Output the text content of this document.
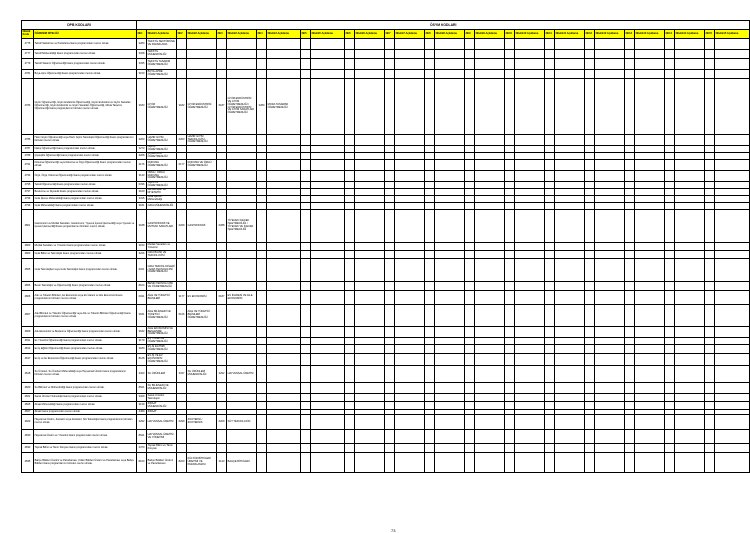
DPB KODLARI		ÖSYM KODLARI																													
Nitelik Kodu	ÖĞRENİM NİTELİĞİ	Nit1	Nitelik1 Açıklama	Nit2	Nitelik2 Açıklama	Nit3	Nitelik3 Açıklama	Nit4	Nitelik4 Açıklama	Nit5	Nitelik5 Açıklama	Nit6	Nitelik6 Açıklama	Nit7	Nitelik7 Açıklama	Nit8	Nitelik8 Açıklama	Nit9	Nitelik9 Açıklama	Nit10	Nitelik10 Açıklama	Nit11	Nitelik11 Açıklama	Nit12	Nitelik12 Açıklama	Nit13	Nitelik13 Açıklama	Nit14	Nitelik14 Açıklama	Nit15	Nitelik15 Açıklama
4775	Tekstil Sektörüne ve Pazarlama lisans programından mezun olmak.	3280	TEKSTİL SEKTÖRÜNE VE PAZARLAMA																												
4777	Tekstil Mühendisliği lisans programından mezun olmak.	3328	TEKSTİL MÜHENDİSLİĞİ																												
4779	Tekstil Tasarım Öğretmenliği lisans programından mezun olmak.	3335	TEKSTİL TASARIM ÖĞRETMENLİĞİ																												
4781	Boya-Apre Öğretmenliği lisans programından mezun olmak.	3150	BOYA-APRE ÖĞRETMENLİĞİ																												
4783	Giyim Öğretmenliği, Giyim Endüstrisi Öğretmenliği, Giyim Endüstrisi ve Giyim Sanatları Öğretmenliği, Giyim Endüstrisi ve Giyim Sanatları Öğretmenliği, Moda Tasarımı Öğretmenliği lisans programlarının birinden mezun olmak.	3183	GİYİM ÖĞRETMENLİĞİ	3182	GİYİM ENDÜSTRİSİ ÖĞRETMENLİĞİ	6187	GİYİM ENDÜSTRİSİ VE GİYİM ÖĞRETMENLİĞİ / GİYİM ENDÜSTRİSİ VE GİYİM SANATLARI ÖĞRETMENLİĞİ	3280	MODA TASARIMI ÖĞRETMENLİĞİ																						
4785	Hazır Giyim Öğretmenliği veya Hazır Giyim Teknolojisi Öğretmenliği lisans programlarının birinden mezun olmak.	3263	HAZIR GİYİM ÖĞRETMENLİĞİ	6203	HAZIR GİYİM TEKNOLOJİSİ ÖĞRETMENLİĞİ																										
4787	Nakış Öğretmenliği lisans programından mezun olmak.	3273	NAKIŞ ÖĞRETMENLİĞİ																												
4789	Çiçekçilik Öğretmenliği lisans programından mezun olmak.	3268	ÇİÇEKÇİLİK ÖĞRETMENLİĞİ																												
4791	Dokuma Öğretmenliği veya Dokuma ve Örgü Öğretmenliği lisans programından mezun olmak.	3176	DOKUMA ÖĞRETMENLİĞİ	6177	DOKUMA VE ÖRGÜ ÖĞRETMENLİĞİ																										
4793	Örgü, Örgü, Dokuma Öğretmenliği lisans programından mezun olmak.	3143	ÖRGÜ, ÖRGÜ, DOKUMA ÖĞRETMENLİĞİ																												
4795	Tekstil Öğretmenliği lisans programından mezun olmak.	6336	TEKSTİL ÖĞRETMENLİĞİ																												
4797	Beslenme ve Diyetetik lisans programından mezun olmak.	3100	BESLENME VE DİYETETİK																												
4799	Gıda İşleme Mühendisliği lisans programından mezun olmak.	3315	Gıda İşleme Mühendisliği																												
4799	Gıda Mühendisliği lisans programından mezun olmak.	3181	GIDA MÜHENDİSLİĞİ																												
4801	Gastronomi ve Mutfak Sanatları, Gastronomi, Yiyecek İçecek İşletmeciliği veya Yiyecek ve İçecek İşletmeciliği lisans programlarının birinden mezun olmak.	3188	GASTRONOMİ VE MUTFAK SANATLARI	6269	GASTRONOMİ	6288	YİYECEK İÇECEK İŞLETMECİLİĞİ / YİYECEK VE İÇECEK İŞLETMECİLİĞİ																								
4803	Mutfak Sanatları ve Yönetimi lisans programından mezun olmak.	3153	Mutfak Sanatları ve Yönetimi																												
4803	Gıda Bilimi ve Teknolojisi lisans programından mezun olmak.	3226	GIDA BİLİMİ VE TEKNOLOJİSİ																												
4805	Gıda Teknolojileri veya Gıda Teknolojisi lisans programından mezun olmak.	6221	GIDA TEKNOLOJİLERİ / GIDA TEKNOLOJİSİ ÖĞRETMENLİĞİ																												
4806	Besin Teknolojisi ve Öğretmenliği lisans programından mezun olmak.	8104	BESİN TEKNOLOJİSİ VE ÖĞRETMENLİĞİ																												
4806	Aile ve Tüketici Bilimleri, Ev Ekonomisi veya Ev İdaresi ve Aile Ekonomisi lisans programlarının birinden mezun olmak.	6041	AİLE VE TÜKETİCİ BİLİMLERİ	3177	EV EKONOMİSİ	6187	EV İDARESİ VE AİLE EKONOMİSİ																								
4807	Aile Bilimleri ve Tüketim Öğretmenliği veya Aile ve Tüketici Bilimleri Öğretmenliği lisans programlarının birinden mezun olmak.	3181	AİLE BİLİMLERİ VE TÜKETİCİ ÖĞRETMENLİĞİ	6126	AİLE VE TÜKETİCİ BİLİMLERİ ÖĞRETMENLİĞİ																										
4809	Aile Ekonomisi ve Beslenme Öğretmenliği lisans programından mezun olmak.	3182	AİLE EKONOMİSİ VE BESLENME ÖĞRETMENLİĞİ																												
4811	Ev Yönetimi Öğretmenliği lisans programından mezun olmak.	3179	EV YÖNETİMİ ÖĞRETMENLİĞİ																												
4813	Ev-İş Eğitimi Öğretmenliği lisans programından mezun olmak.	3180	EV-İŞ EĞİTİMİ ÖĞRETMENLİĞİ																												
4817	Ev-İş ve Ev Ekonomisi Öğretmenliği lisans programından mezun olmak.	8128	EV-İŞ VE EV EKONOMİSİ ÖĞRETMENLİĞİ																												
4818	Su Ürünleri, Su Ürünleri Mühendisliği veya Hayvansal Üretim lisans programlarının birinden mezun olmak.	3320	SU ÜRÜNLERİ	3337	SU ÜRÜNLERİ MÜHENDİSLİĞİ	3292	HAYVANSAL ÜRETİM																								
4820	Su Bilimleri ve Mühendisliği lisans programından mezun olmak.	8621	SU BİLİMLERİ VE MÜHENDİSLİĞİ																												
4821	Sanat Ürünleri Teknolojisi lisans programından mezun olmak.	3329	Sanat Ürünleri Teknolojisi																												
4825	Ziraat Mühendisliği lisans programından mezun olmak.	3139	ZİRAAT MÜHENDİSLİĞİ																												
4827	Ziraat lisans programından mezun olmak.	4469	ZİRAAT																												
4829	Hayvansal Üretim, Zootekni veya Zootekni, Süt Teknolojisi lisans programlarının birinden mezun olmak.	3292	HAYVANSAL ÜRETİM	6299	ZOOTEKNİ / ZOOTEKNİK	6209	SÜT TEKNOLOJİSİ																								
4830	Hayvansal Üretim ve Yönetimi lisans programından mezun olmak.	8641	HAYVANSAL ÜRETİM VE YÖNETİMİ																												
4833	Toprak Bilimi ve Tarım Kimyası lisans programından mezun olmak.	4370	Toprak Bilimi ve Tarım Kimyası																												
4835	Bahçe Bitkileri Üretimi ve Pazarlaması, Kültür Bitkileri Üretimi ve Pazarlaması veya Bahçe Bitkileri lisans programlarının birinden mezun olmak.	8160	Bahçe Bitkileri Üretimi ve Pazarlaması	8220	KÜLTÜR BİTKİLERİ ÜRETİMİ VE PAZARLAMASI	3143	BAHÇE BİTKİLERİ																								
73
